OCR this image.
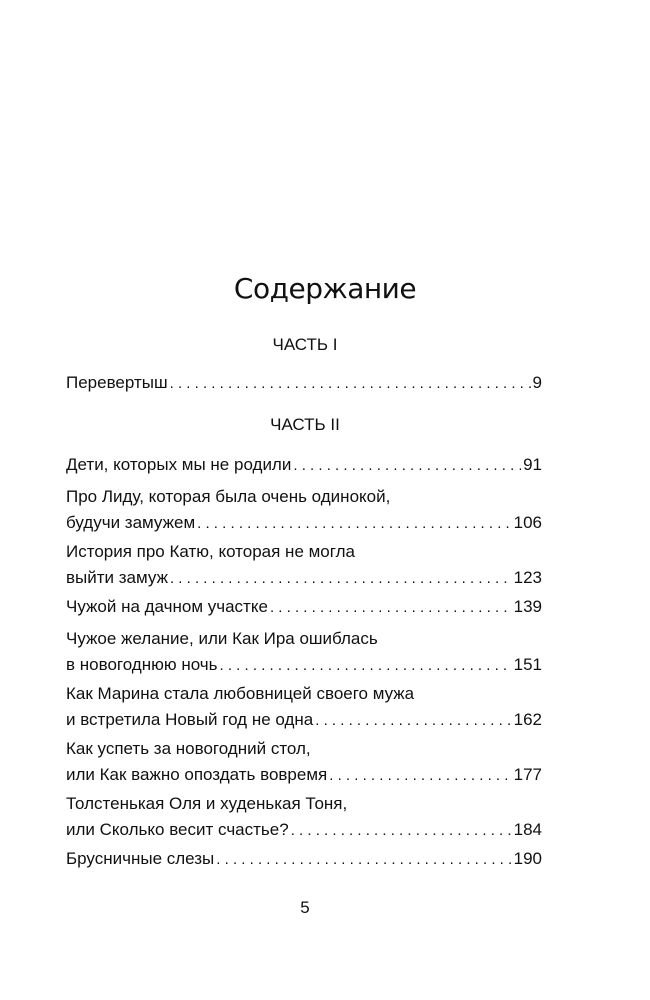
Содержание
ЧАСТЬ I
Перевертыш . . .	9
ЧАСТЬ II
Дети, которых мы не родили . . .	91
Про Лиду, которая была очень одинокой,
будучи замужем . . .	106
История про Катю, которая не могла
выйти замуж . . .	123
Чужой на дачном участке . . .	139
Чужое желание, или Как Ира ошиблась
в новогоднюю ночь . . .	151
Как Марина стала любовницей своего мужа
и встретила Новый год не одна . . .	162
Как успеть за новогодний стол,
или Как важно опоздать вовремя . . .	177
Толстенькая Оля и худенькая Тоня,
или Сколько весит счастье? . . .	184
Брусничные слезы . . .	190
5
